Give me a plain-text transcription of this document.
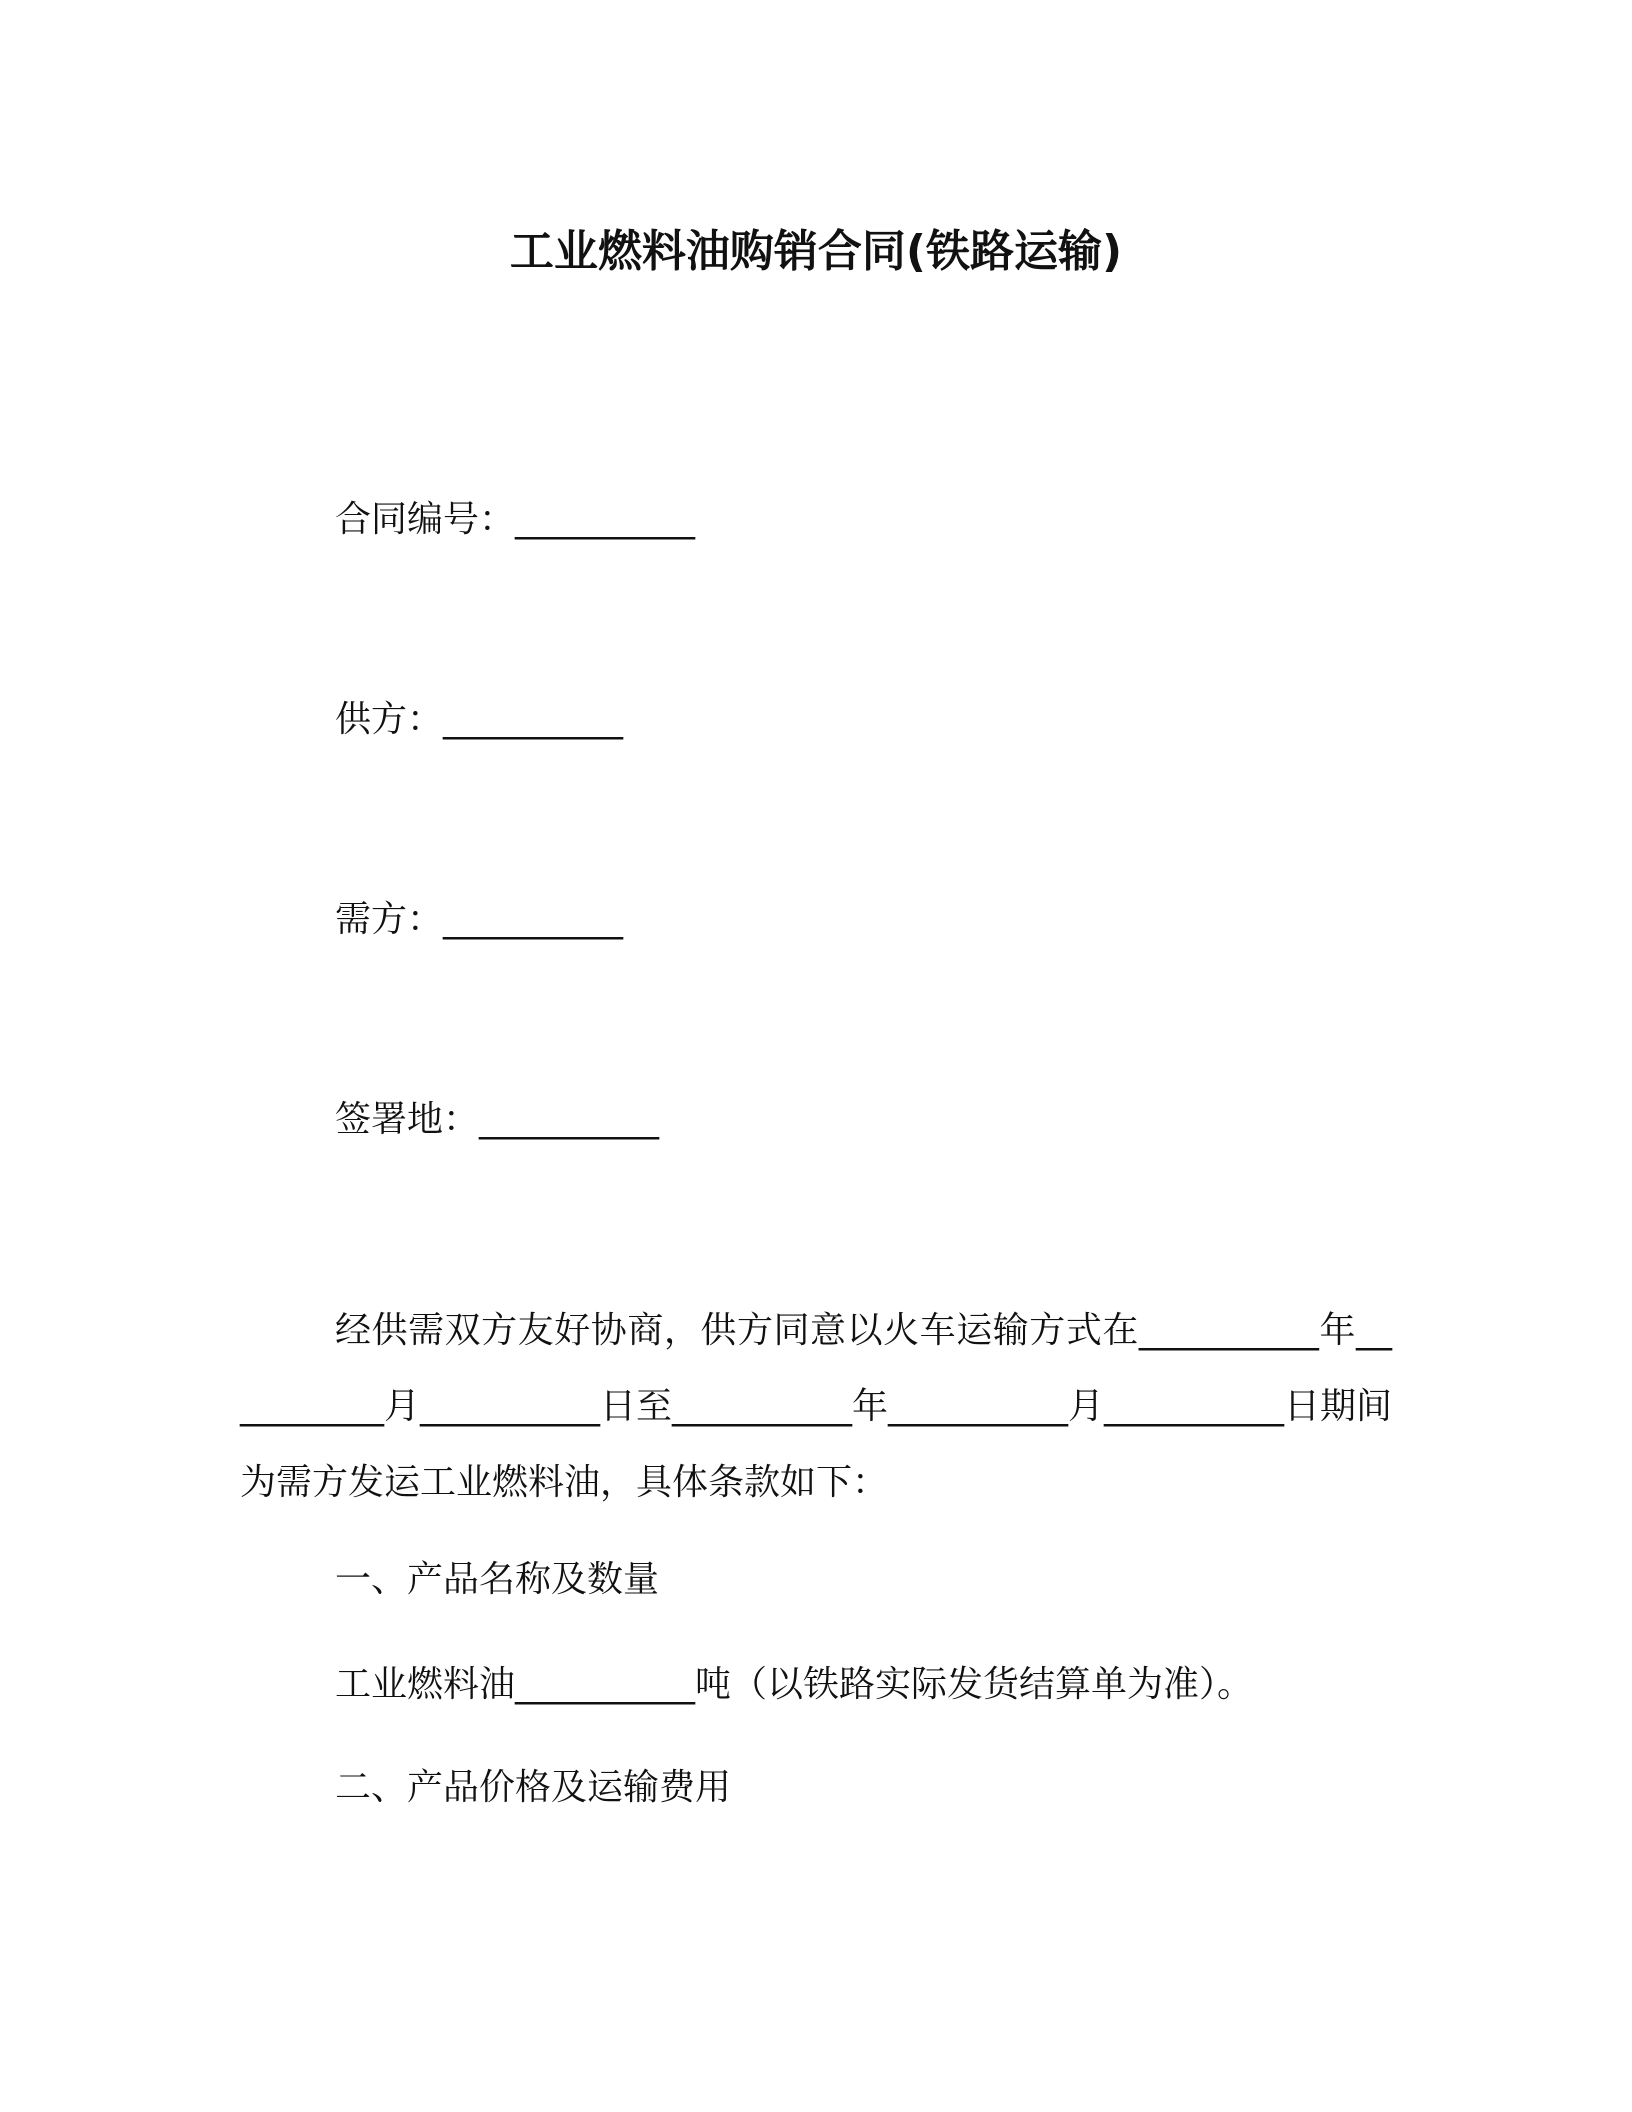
工业燃料油购销合同(铁路运输)
合同编号：__________
供方：__________
需方：__________
签署地：__________
经供需双方友好协商，供方同意以火车运输方式在__________年__________月__________日至__________年__________月__________日期间为需方发运工业燃料油，具体条款如下：
一、产品名称及数量
工业燃料油__________吨（以铁路实际发货结算单为准）。
二、产品价格及运输费用
